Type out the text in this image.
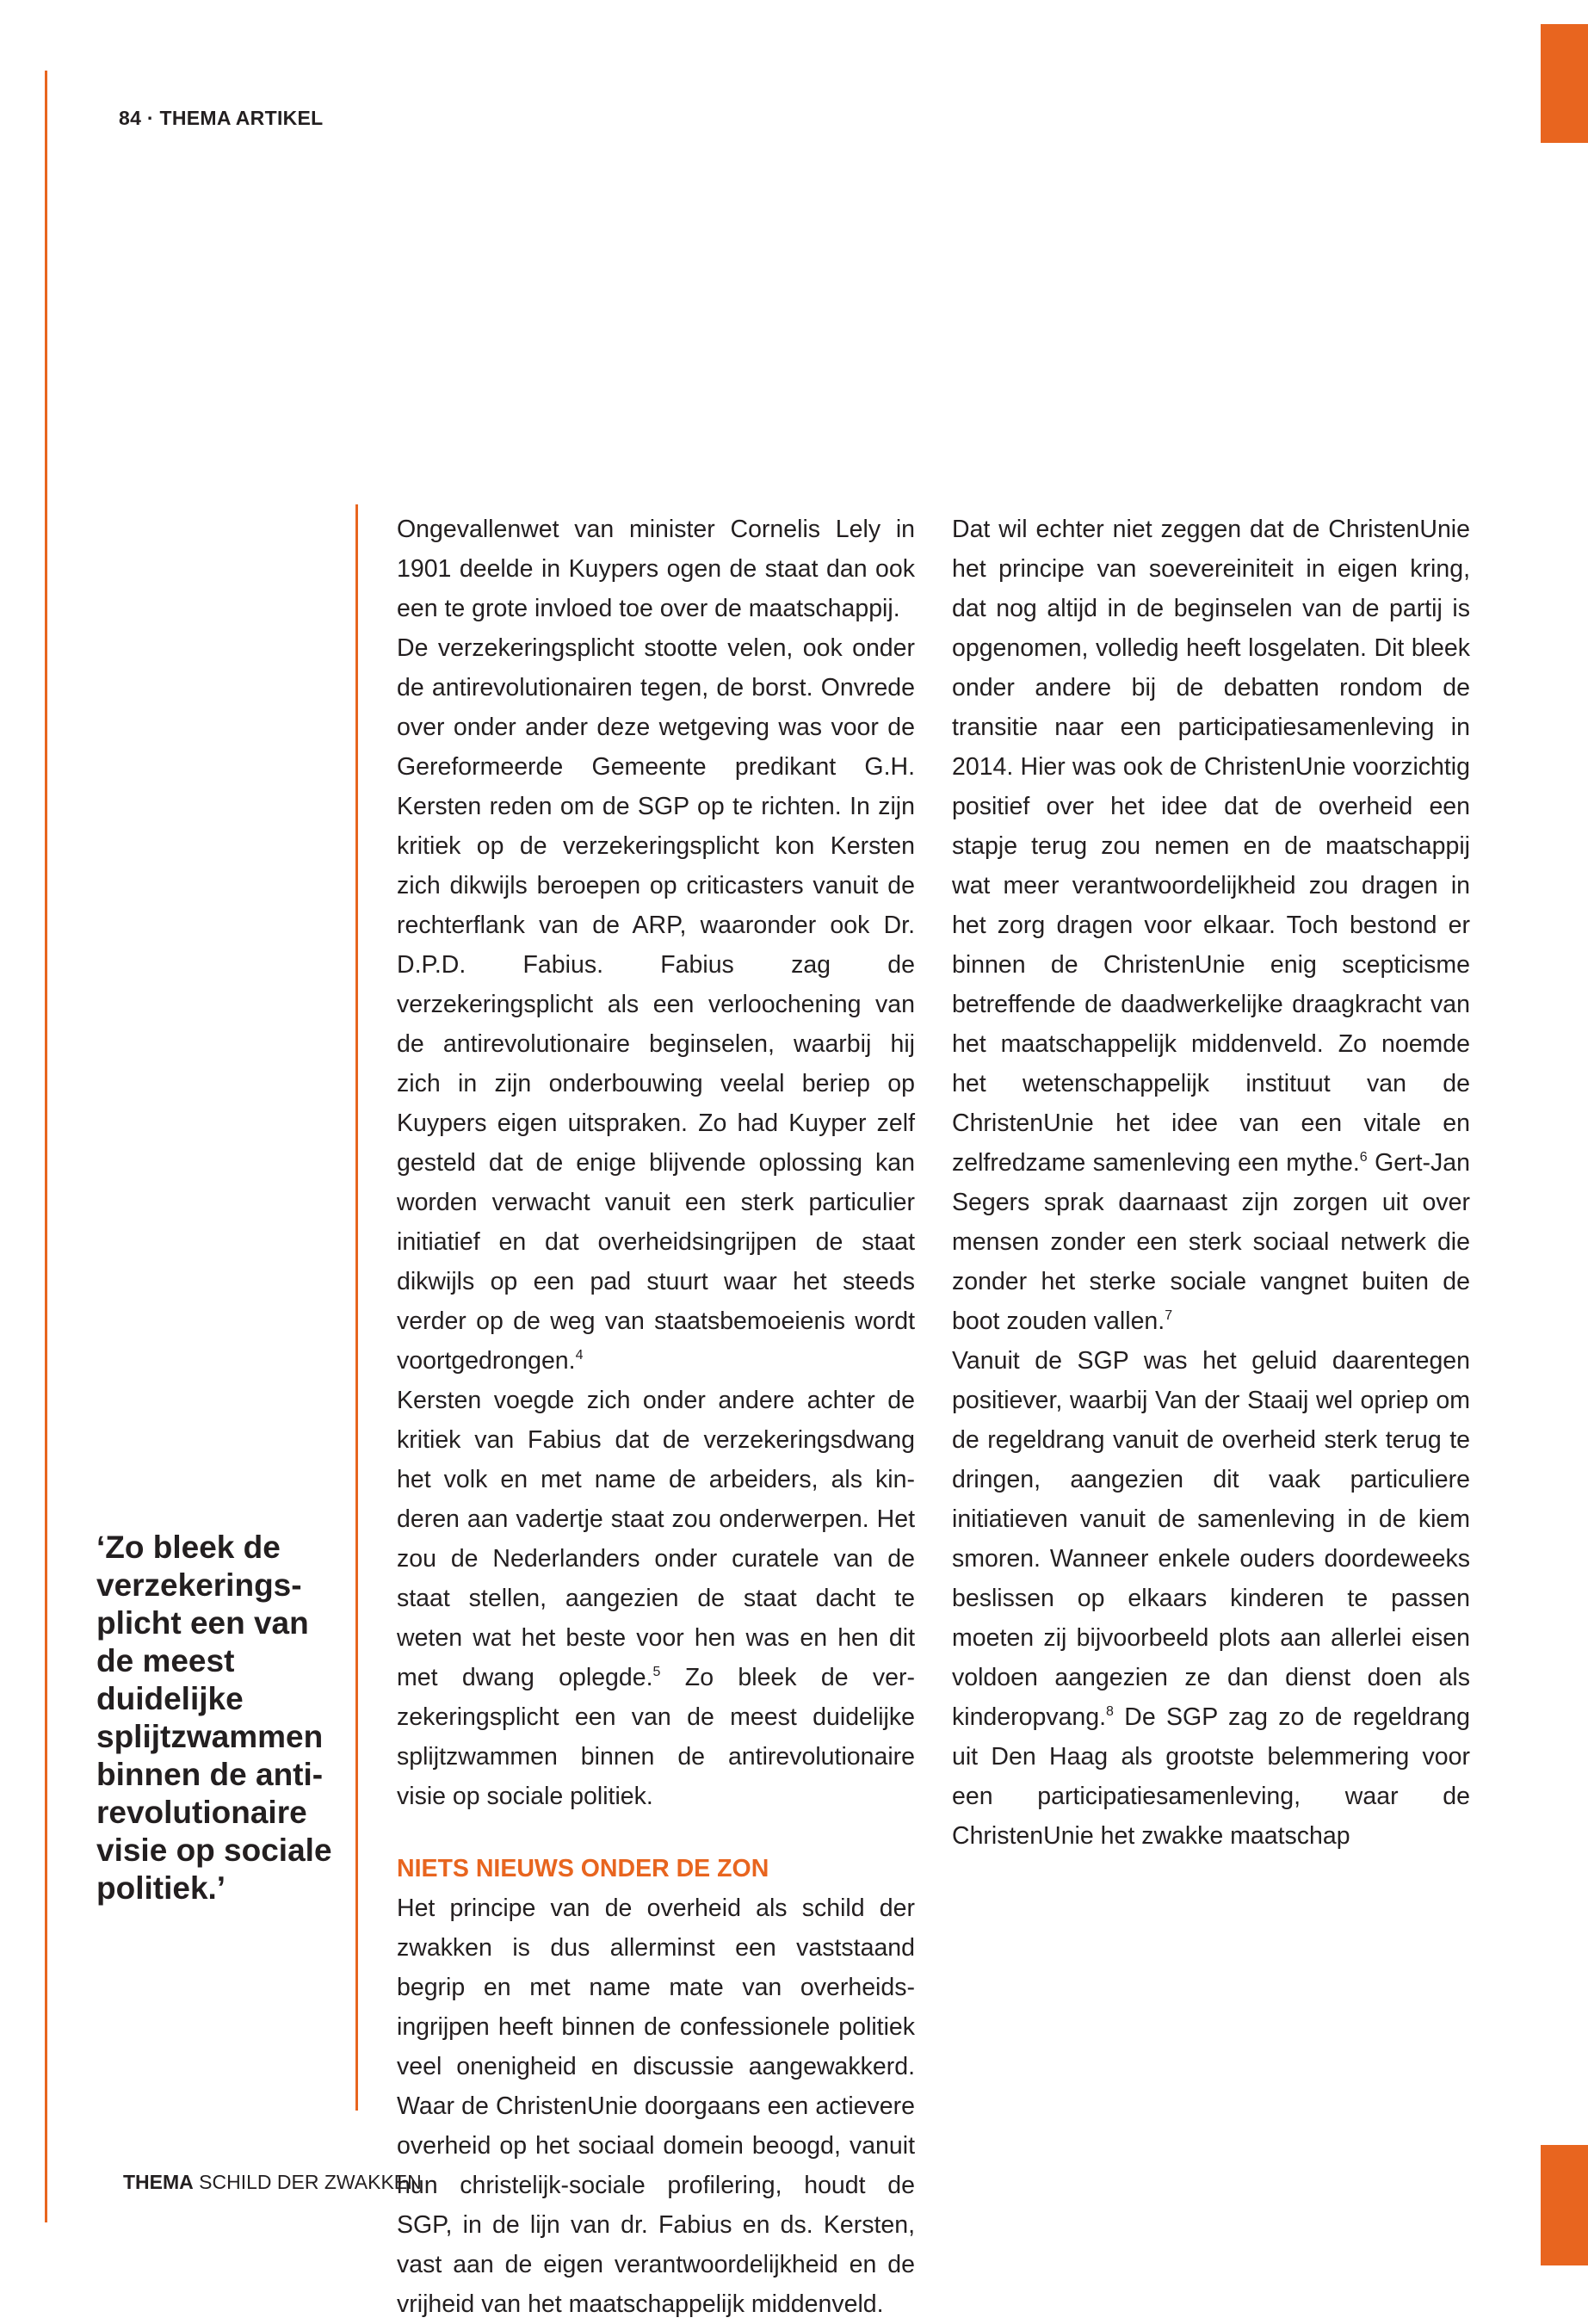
84 · THEMA ARTIKEL
‘Zo bleek de verzekeringsplicht een van de meest duidelijke splijtzwammen binnen de antirevolutionaire visie op sociale politiek.’

Ongevallenwet van minister Cornelis Lely in 1901 deelde in Kuypers ogen de staat dan ook een te grote invloed toe over de maatschappij.

De verzekeringsplicht stootte velen, ook onder de antirevolutionairen tegen, de borst. Onvrede over onder ander deze wetgeving was voor de Gereformeerde Gemeente predikant G.H. Kersten reden om de SGP op te richten. In zijn kritiek op de verzekeringsplicht kon Kersten zich dikwijls beroepen op criticasters vanuit de rechterflank van de ARP, waaronder ook Dr. D.P.D. Fabius. Fabius zag de verzekeringsplicht als een verloochening van de antirevolutionaire beginselen, waarbij hij zich in zijn onderbouwing veelal beriep op Kuypers eigen uitspraken. Zo had Kuyper zelf gesteld dat de enige blijvende oplossing kan worden verwacht vanuit een sterk particulier initiatief en dat overheidsingrijpen de staat dikwijls op een pad stuurt waar het steeds verder op de weg van staatsbemoeienis wordt voortgedrongen.$^4$

Kersten voegde zich onder andere achter de kritiek van Fabius dat de verzekeringsdwang het volk en met name de arbeiders, als kinderen aan vadertje staat zou onderwerpen. Het zou de Nederlanders onder curatele van de staat stellen, aangezien de staat dacht te weten wat het beste voor hen was en hen dit met dwang oplegde.$^5$ Zo bleek de verzekeringsplicht een van de meest duidelijke splijtzwammen binnen de antirevolutionaire visie op sociale politiek.

NIETS NIEUWS ONDER DE ZON

Het principe van de overheid als schild der zwakken is dus allerminst een vaststaand begrip en met name mate van overheidsingrijpen heeft binnen de confessionele politiek veel onenigheid en discussie aangewakkerd. Waar de ChristenUnie doorgaans een actievere overheid op het sociaal domein beoogd, vanuit hun christelijk-sociale profilering, houdt de SGP, in de lijn van dr. Fabius en ds. Kersten, vast aan de eigen verantwoordelijkheid en de vrijheid van het maatschappelijk middenveld.

Dat wil echter niet zeggen dat de ChristenUnie het principe van soevereiniteit in eigen kring, dat nog altijd in de beginselen van de partij is opgenomen, volledig heeft losgelaten. Dit bleek onder andere bij de debatten rondom de transitie naar een participatiesamenleving in 2014. Hier was ook de ChristenUnie voorzichtig positief over het idee dat de overheid een stapje terug zou nemen en de maatschappij wat meer verantwoordelijkheid zou dragen in het zorg dragen voor elkaar. Toch bestond er binnen de ChristenUnie enig scepticisme betreffende de daadwerkelijke draagkracht van het maatschappelijk middenveld. Zo noemde het wetenschappelijk instituut van de ChristenUnie het idee van een vitale en zelfredzame samenleving een mythe.$^6$ Gert-Jan Segers sprak daarnaast zijn zorgen uit over mensen zonder een sterk sociaal netwerk die zonder het sterke sociale vangnet buiten de boot zouden vallen.$^7$

Vanuit de SGP was het geluid daarentegen positiever, waarbij Van der Staaij wel opriep om de regeldrang vanuit de overheid sterk terug te dringen, aangezien dit vaak particuliere initiatieven vanuit de samenleving in de kiem smoren. Wanneer enkele ouders doordeweeks beslissen op elkaars kinderen te passen moeten zij bijvoorbeeld plots aan allerlei eisen voldoen aangezien ze dan dienst doen als kinderopvang.$^8$ De SGP zag zo de regeldrang uit Den Haag als grootste belemmering voor een participatiesamenleving, waar de ChristenUnie het zwakke maatschap

THEMA SCHILD DER ZWAKKEN
